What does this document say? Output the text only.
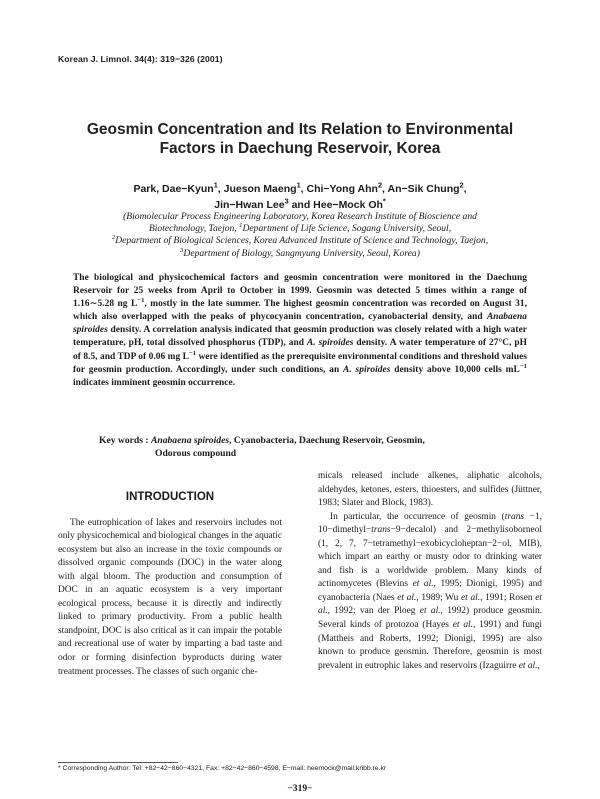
Korean J. Limnol. 34(4): 319−326 (2001)
Geosmin Concentration and Its Relation to Environmental
Factors in Daechung Reservoir, Korea
Park, Dae−Kyun$^1$, Jueson Maeng$^1$, Chi−Yong Ahn$^2$, An−Sik Chung$^2$,
Jin−Hwan Lee$^3$ and Hee−Mock Oh*
(Biomolecular Process Engineering Laboratory, Korea Research Institute of Bioscience and
Biotechnology, Taejon, $^1$Department of Life Science, Sogang University, Seoul,
$^2$Department of Biological Sciences, Korea Advanced Institute of Science and Technology, Taejon,
$^3$Department of Biology, Sangmyung University, Seoul, Korea)
The biological and physicochemical factors and geosmin concentration were monitored in the Daechung Reservoir for 25 weeks from April to October in 1999. Geosmin was detected 5 times within a range of 1.16∼5.28 ng $L^{-1}$, mostly in the late summer. The highest geosmin concentration was recorded on August 31, which also overlapped with the peaks of phycocyanin concentration, cyanobacterial density, and Anabaena spiroides density. A correlation analysis indicated that geosmin production was closely related with a high water temperature, pH, total dissolved phosphorus (TDP), and A. spiroides density. A water temperature of 27°C, pH of 8.5, and TDP of 0.06 mg $L^{-1}$ were identified as the prerequisite environmental conditions and threshold values for geosmin production. Accordingly, under such conditions, an A. spiroides density above 10,000 cells $mL^{-1}$ indicates imminent geosmin occurrence.
Key words : Anabaena spiroides, Cyanobacteria, Daechung Reservoir, Geosmin,
Odorous compound
INTRODUCTION

The eutrophication of lakes and reservoirs includes not only physicochemical and biological changes in the aquatic ecosystem but also an increase in the toxic compounds or dissolved organic compounds (DOC) in the water along with algal bloom. The production and consumption of DOC in an aquatic ecosystem is a very important ecological process, because it is directly and indirectly linked to primary productivity. From a public health standpoint, DOC is also critical as it can impair the potable and recreational use of water by imparting a bad taste and odor or forming disinfection byproducts during water treatment processes. The classes of such organic che-

micals released include alkenes, aliphatic alcohols, aldehydes, ketones, esters, thioesters, and sulfides (Jüttner, 1983; Slater and Block, 1983).

In particular, the occurrence of geosmin (trans −1, 10−dimethyl−trans−9−decalol) and 2−methylisoborneol (1, 2, 7, 7−tetramethyl−exobicycloheptan−2−ol, MIB), which impart an earthy or musty odor to drinking water and fish is a worldwide problem. Many kinds of actinomycetes (Blevins et al., 1995; Dionigi, 1995) and cyanobacteria (Naes et al., 1989; Wu et al., 1991; Rosen et al., 1992; van der Ploeg et al., 1992) produce geosmin. Several kinds of protozoa (Hayes et al., 1991) and fungi (Mattheis and Roberts, 1992; Dionigi, 1995) are also known to produce geosmin. Therefore, geosmin is most prevalent in eutrophic lakes and reservoirs (Izaguirre et al.,

* Corresponding Author: Tel: +82−42−860−4321, Fax: +82−42−860−4598, E−mail: heemock@mail.kribb.re.kr
−319−
